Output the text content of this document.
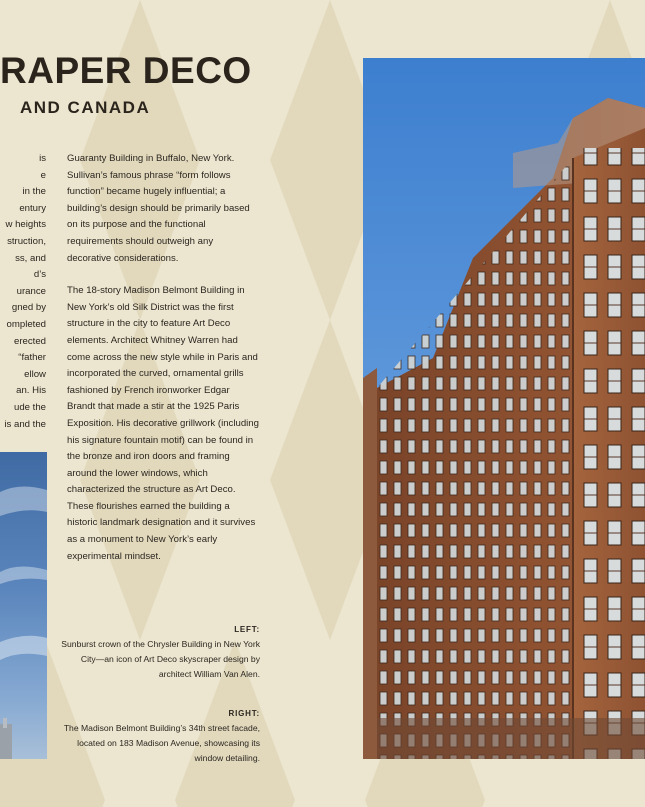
RAPER DECO
AND CANADA
is
e
in the
entury
w heights
struction,
ss, and
d’s
urance
gned by
ompleted
erected
“father
ellow
an. His
ude the
is and the

Guaranty Building in Buffalo, New York. Sullivan’s famous phrase “form follows function” became hugely influential; a building’s design should be primarily based on its purpose and the functional requirements should outweigh any decorative considerations.

The 18-story Madison Belmont Building in New York’s old Silk District was the first structure in the city to feature Art Deco elements. Architect Whitney Warren had come across the new style while in Paris and incorporated the curved, ornamental grills fashioned by French ironworker Edgar Brandt that made a stir at the 1925 Paris Exposition. His decorative grillwork (including his signature fountain motif) can be found in the bronze and iron doors and framing around the lower windows, which characterized the structure as Art Deco. These flourishes earned the building a historic landmark designation and it survives as a monument to New York’s early experimental mindset.

LEFT:
Sunburst crown of the Chrysler Building in New York City—an icon of Art Deco skyscraper design by architect William Van Alen.
RIGHT:
The Madison Belmont Building’s 34th street facade, located on 183 Madison Avenue, showcasing its window detailing.
